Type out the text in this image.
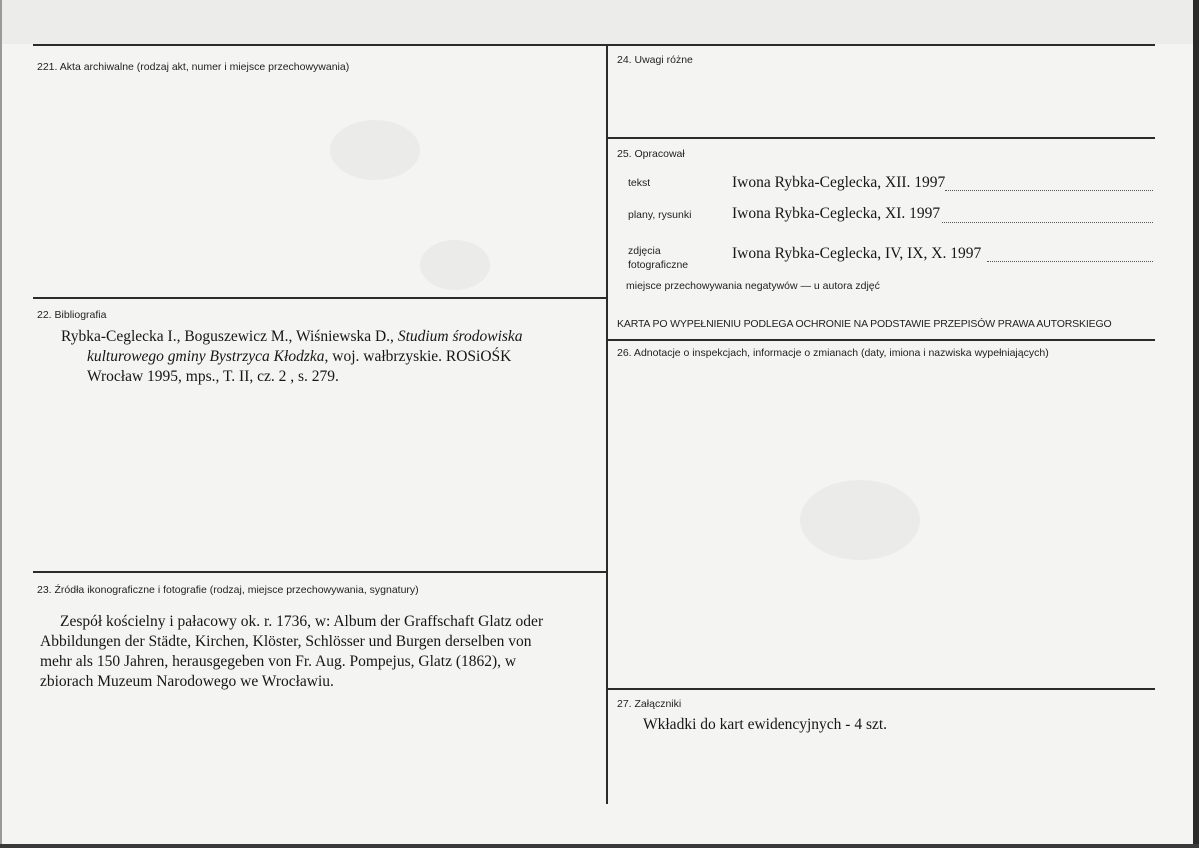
221. Akta archiwalne (rodzaj akt, numer i miejsce przechowywania)
22. Bibliografia
Rybka-Ceglecka I., Boguszewicz M., Wiśniewska D., Studium środowiska
kulturowego gminy Bystrzyca Kłodzka, woj. wałbrzyskie. ROSiOŚK
Wrocław 1995, mps., T. II, cz. 2 , s. 279.
23. Źródła ikonograficzne i fotografie (rodzaj, miejsce przechowywania, sygnatury)
Zespół kościelny i pałacowy ok. r. 1736, w: Album der Graffschaft Glatz oder
Abbildungen der Städte, Kirchen, Klöster, Schlösser und Burgen derselben von
mehr als 150 Jahren, herausgegeben von Fr. Aug. Pompejus, Glatz (1862), w
zbiorach Muzeum Narodowego we Wrocławiu.
24. Uwagi różne
25. Opracował
tekst	Iwona Rybka-Ceglecka, XII. 1997
plany, rysunki	Iwona Rybka-Ceglecka, XI. 1997
zdjęcia
fotograficzne
Iwona Rybka-Ceglecka, IV, IX, X. 1997
miejsce przechowywania negatywów — u autora zdjęć
KARTA PO WYPEŁNIENIU PODLEGA OCHRONIE NA PODSTAWIE PRZEPISÓW PRAWA AUTORSKIEGO
26. Adnotacje o inspekcjach, informacje o zmianach (daty, imiona i nazwiska wypełniających)
27. Załączniki
Wkładki do kart ewidencyjnych - 4 szt.
